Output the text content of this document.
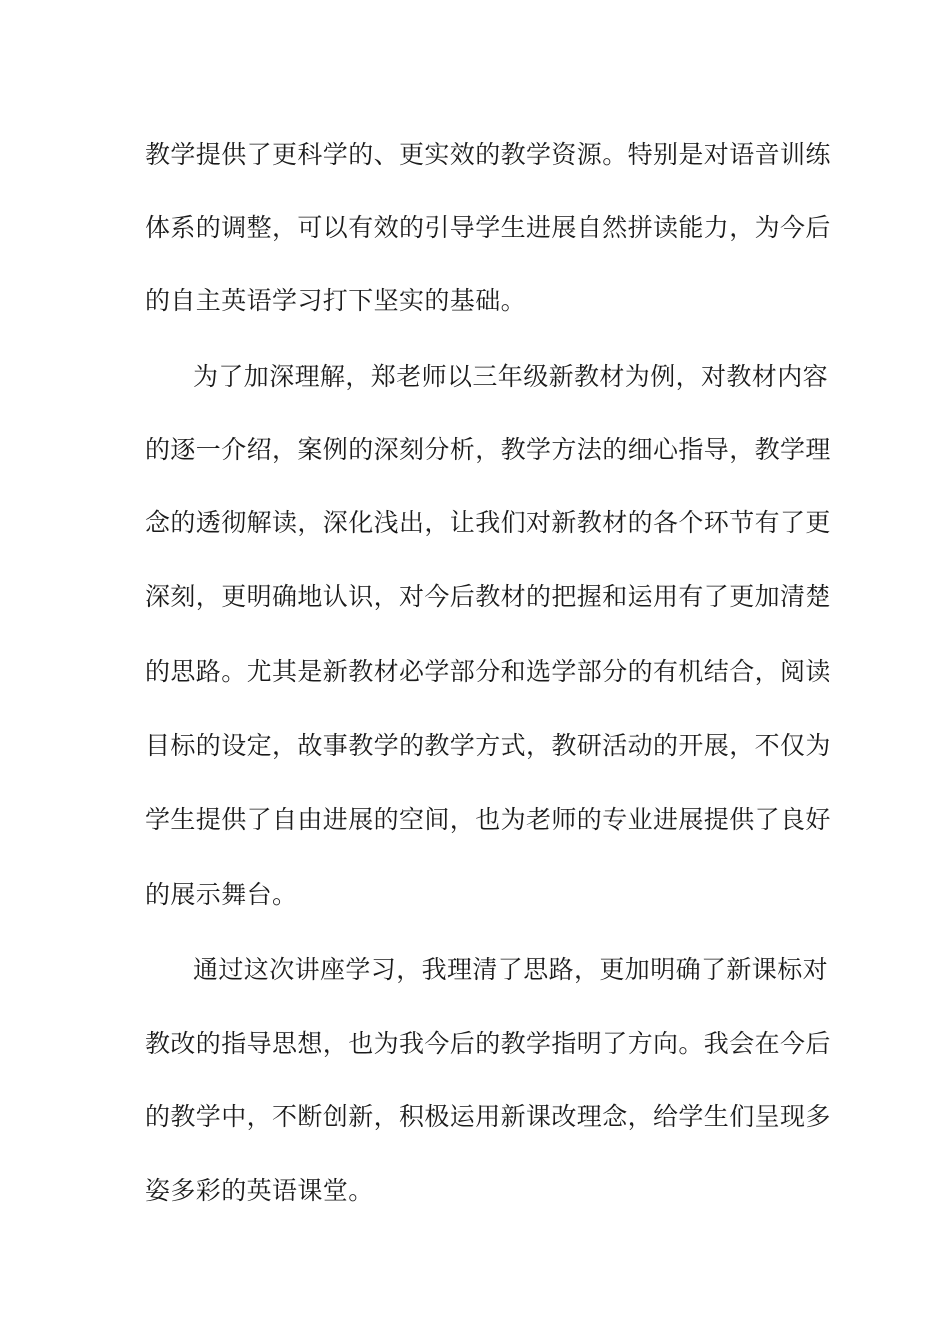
教学提供了更科学的、更实效的教学资源。特别是对语音训练
体系的调整，可以有效的引导学生进展自然拼读能力，为今后
的自主英语学习打下坚实的基础。
为了加深理解，郑老师以三年级新教材为例，对教材内容
的逐一介绍，案例的深刻分析，教学方法的细心指导，教学理
念的透彻解读，深化浅出，让我们对新教材的各个环节有了更
深刻，更明确地认识，对今后教材的把握和运用有了更加清楚
的思路。尤其是新教材必学部分和选学部分的有机结合，阅读
目标的设定，故事教学的教学方式，教研活动的开展，不仅为
学生提供了自由进展的空间，也为老师的专业进展提供了良好
的展示舞台。
通过这次讲座学习，我理清了思路，更加明确了新课标对
教改的指导思想，也为我今后的教学指明了方向。我会在今后
的教学中，不断创新，积极运用新课改理念，给学生们呈现多
姿多彩的英语课堂。
